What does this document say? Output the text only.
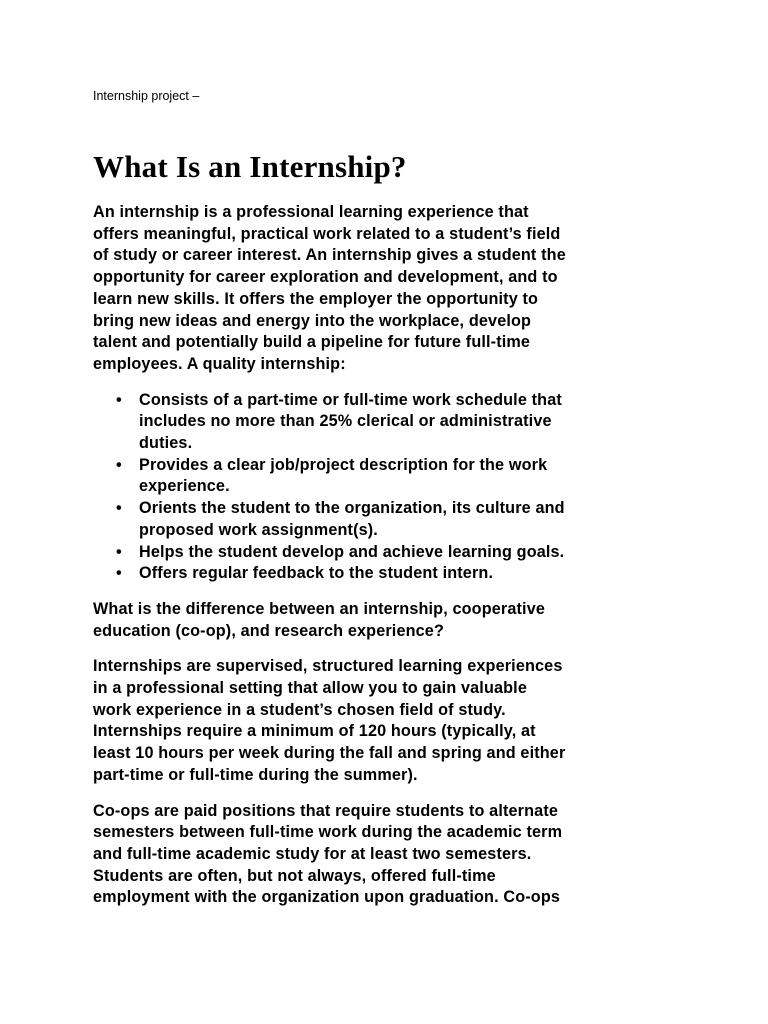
Internship project –
What Is an Internship?

An internship is a professional learning experience that
offers meaningful, practical work related to a student’s field
of study or career interest. An internship gives a student the
opportunity for career exploration and development, and to
learn new skills. It offers the employer the opportunity to
bring new ideas and energy into the workplace, develop
talent and potentially build a pipeline for future full-time
employees. A quality internship:

• Consists of a part-time or full-time work schedule that
includes no more than 25% clerical or administrative
duties.
• Provides a clear job/project description for the work
experience.
• Orients the student to the organization, its culture and
proposed work assignment(s).
• Helps the student develop and achieve learning goals.
• Offers regular feedback to the student intern.

What is the difference between an internship, cooperative
education (co-op), and research experience?

Internships are supervised, structured learning experiences
in a professional setting that allow you to gain valuable
work experience in a student’s chosen field of study.
Internships require a minimum of 120 hours (typically, at
least 10 hours per week during the fall and spring and either
part-time or full-time during the summer).

Co-ops are paid positions that require students to alternate
semesters between full-time work during the academic term
and full-time academic study for at least two semesters.
Students are often, but not always, offered full-time
employment with the organization upon graduation. Co-ops
